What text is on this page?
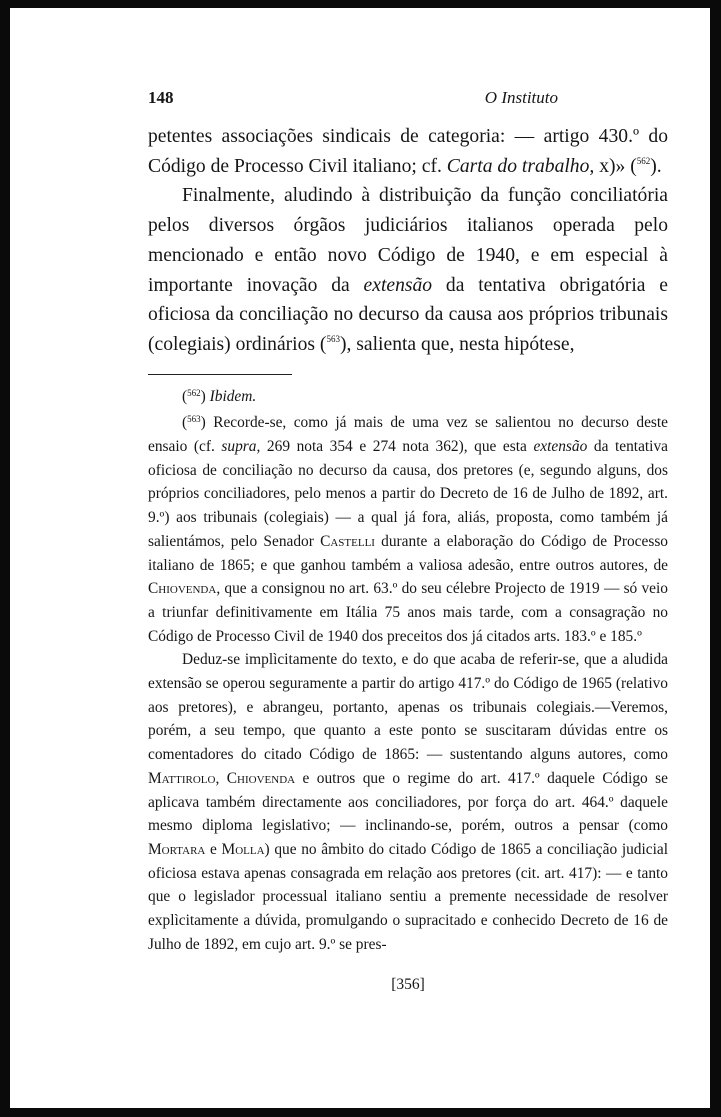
148	O Instituto

petentes associações sindicais de categoria: — artigo 430.º do Código de Processo Civil italiano; cf. Carta do trabalho, x)» ($^{562}$).

Finalmente, aludindo à distribuição da função conciliatória pelos diversos órgãos judiciários italianos operada pelo mencionado e então novo Código de 1940, e em especial à importante inovação da extensão da tentativa obrigatória e oficiosa da conciliação no decurso da causa aos próprios tribunais (colegiais) ordinários ($^{563}$), salienta que, nesta hipótese,

($^{562}$) Ibidem.

($^{563}$) Recorde-se, como já mais de uma vez se salientou no decurso deste ensaio (cf. supra, 269 nota 354 e 274 nota 362), que esta extensão da tentativa oficiosa de conciliação no decurso da causa, dos pretores (e, segundo alguns, dos próprios conciliadores, pelo menos a partir do Decreto de 16 de Julho de 1892, art. 9.º) aos tribunais (colegiais) — a qual já fora, aliás, proposta, como também já salientámos, pelo Senador Castelli durante a elaboração do Código de Processo italiano de 1865; e que ganhou também a valiosa adesão, entre outros autores, de Chiovenda, que a consignou no art. 63.º do seu célebre Projecto de 1919 — só veio a triunfar definitivamente em Itália 75 anos mais tarde, com a consagração no Código de Processo Civil de 1940 dos preceitos dos já citados arts. 183.º e 185.º

Deduz-se implìcitamente do texto, e do que acaba de referir-se, que a aludida extensão se operou seguramente a partir do artigo 417.º do Código de 1965 (relativo aos pretores), e abrangeu, portanto, apenas os tribunais colegiais.—Veremos, porém, a seu tempo, que quanto a este ponto se suscitaram dúvidas entre os comentadores do citado Código de 1865: — sustentando alguns autores, como Mattirolo, Chiovenda e outros que o regime do art. 417.º daquele Código se aplicava também directamente aos conciliadores, por força do art. 464.º daquele mesmo diploma legislativo; — inclinando-se, porém, outros a pensar (como Mortara e Molla) que no âmbito do citado Código de 1865 a conciliação judicial oficiosa estava apenas consagrada em relação aos pretores (cit. art. 417): — e tanto que o legislador processual italiano sentiu a premente necessidade de resolver explìcitamente a dúvida, promulgando o supracitado e conhecido Decreto de 16 de Julho de 1892, em cujo art. 9.º se pres-

[356]
